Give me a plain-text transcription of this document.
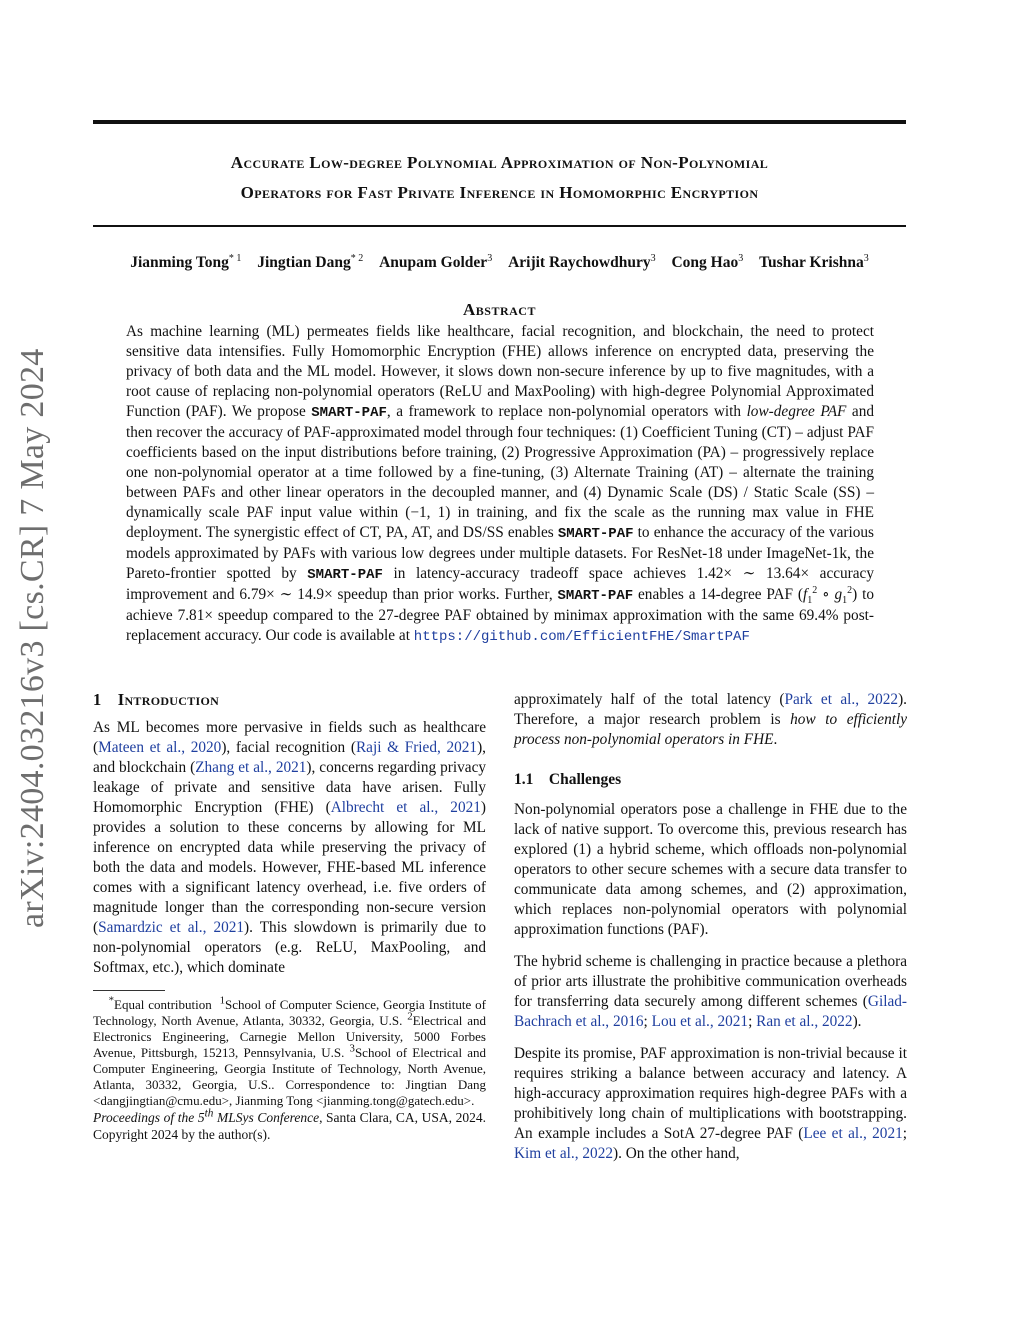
Accurate Low-degree Polynomial Approximation of Non-Polynomial
Operators for Fast Private Inference in Homomorphic Encryption
Jianming Tong$^{* 1}$ Jingtian Dang$^{* 2}$ Anupam Golder$^3$ Arijit Raychowdhury$^3$ Cong Hao$^3$ Tushar Krishna$^3$
Abstract
As machine learning (ML) permeates fields like healthcare, facial recognition, and blockchain, the need to protect sensitive data intensifies. Fully Homomorphic Encryption (FHE) allows inference on encrypted data, preserving the privacy of both data and the ML model. However, it slows down non-secure inference by up to five magnitudes, with a root cause of replacing non-polynomial operators (ReLU and MaxPooling) with high-degree Polynomial Approximated Function (PAF). We propose SMART-PAF, a framework to replace non-polynomial operators with low-degree PAF and then recover the accuracy of PAF-approximated model through four techniques: (1) Coefficient Tuning (CT) – adjust PAF coefficients based on the input distributions before training, (2) Progressive Approximation (PA) – progressively replace one non-polynomial operator at a time followed by a fine-tuning, (3) Alternate Training (AT) – alternate the training between PAFs and other linear operators in the decoupled manner, and (4) Dynamic Scale (DS) / Static Scale (SS) – dynamically scale PAF input value within (−1, 1) in training, and fix the scale as the running max value in FHE deployment. The synergistic effect of CT, PA, AT, and DS/SS enables SMART-PAF to enhance the accuracy of the various models approximated by PAFs with various low degrees under multiple datasets. For ResNet-18 under ImageNet-1k, the Pareto-frontier spotted by SMART-PAF in latency-accuracy tradeoff space achieves 1.42× ∼ 13.64× accuracy improvement and 6.79× ∼ 14.9× speedup than prior works. Further, SMART-PAF enables a 14-degree PAF ($f_1^2$ ∘ $g_1^2$) to achieve 7.81× speedup compared to the 27-degree PAF obtained by minimax approximation with the same 69.4% post-replacement accuracy. Our code is available at https://github.com/EfficientFHE/SmartPAF
arXiv:2404.03216v3 [cs.CR] 7 May 2024	1 Introduction

As ML becomes more pervasive in fields such as healthcare (Mateen et al., 2020), facial recognition (Raji & Fried, 2021), and blockchain (Zhang et al., 2021), concerns regarding privacy leakage of private and sensitive data have arisen. Fully Homomorphic Encryption (FHE) (Albrecht et al., 2021) provides a solution to these concerns by allowing for ML inference on encrypted data while preserving the privacy of both the data and models. However, FHE-based ML inference comes with a significant latency overhead, i.e. five orders of magnitude longer than the corresponding non-secure version (Samardzic et al., 2021). This slowdown is primarily due to non-polynomial operators (e.g. ReLU, MaxPooling, and Softmax, etc.), which dominate

*Equal contribution $^1$School of Computer Science, Georgia Institute of Technology, North Avenue, Atlanta, 30332, Georgia, U.S. $^2$Electrical and Electronics Engineering, Carnegie Mellon University, 5000 Forbes Avenue, Pittsburgh, 15213, Pennsylvania, U.S. $^3$School of Electrical and Computer Engineering, Georgia Institute of Technology, North Avenue, Atlanta, 30332, Georgia, U.S.. Correspondence to: Jingtian Dang <dangjingtian@cmu.edu>, Jianming Tong <jianming.tong@gatech.edu>.

Proceedings of the 5th MLSys Conference, Santa Clara, CA, USA, 2024. Copyright 2024 by the author(s).

approximately half of the total latency (Park et al., 2022). Therefore, a major research problem is how to efficiently process non-polynomial operators in FHE.

1.1 Challenges

Non-polynomial operators pose a challenge in FHE due to the lack of native support. To overcome this, previous research has explored (1) a hybrid scheme, which offloads non-polynomial operators to other secure schemes with a secure data transfer to communicate data among schemes, and (2) approximation, which replaces non-polynomial operators with polynomial approximation functions (PAF).

The hybrid scheme is challenging in practice because a plethora of prior arts illustrate the prohibitive communication overheads for transferring data securely among different schemes (Gilad-Bachrach et al., 2016; Lou et al., 2021; Ran et al., 2022).

Despite its promise, PAF approximation is non-trivial because it requires striking a balance between accuracy and latency. A high-accuracy approximation requires high-degree PAFs with a prohibitively long chain of multiplications with bootstrapping. An example includes a SotA 27-degree PAF (Lee et al., 2021; Kim et al., 2022). On the other hand,
